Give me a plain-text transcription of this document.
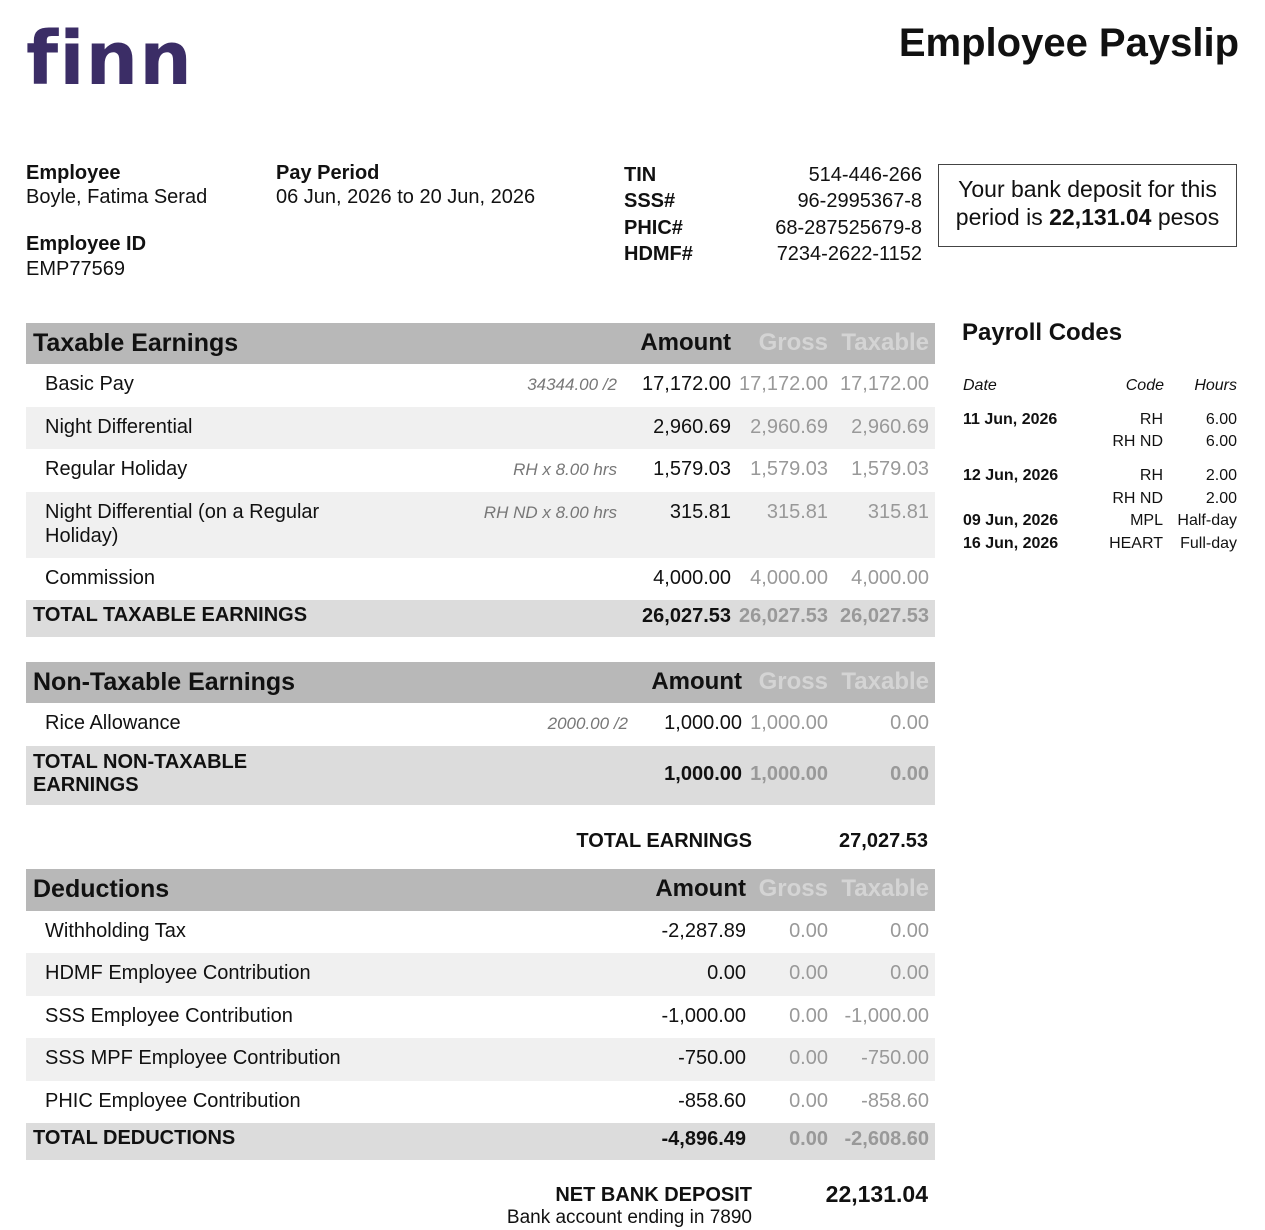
finn	Employee Payslip
Employee
Boyle, Fatima Serad
Employee ID
EMP77569
Pay Period
06 Jun, 2026 to 20 Jun, 2026
TIN	514-446-266
SSS#	96-2995367-8
PHIC#	68-287525679-8
HDMF#	7234-2622-1152
Your bank deposit for this period is 22,131.04 pesos
Taxable Earnings	Amount Gross Taxable
Basic Pay	34344.00 /2 17,172.00 17,172.00 17,172.00
Night Differential	2,960.69 2,960.69 2,960.69
Regular Holiday	RH x 8.00 hrs 1,579.03 1,579.03 1,579.03
Night Differential (on a Regular Holiday)
RH ND x 8.00 hrs	315.81 315.81 315.81
Commission	4,000.00 4,000.00 4,000.00
TOTAL TAXABLE EARNINGS	26,027.53 26,027.53 26,027.53
Non-Taxable Earnings	Amount Gross Taxable
Rice Allowance	2000.00 /2 1,000.00 1,000.00	0.00
TOTAL NON-TAXABLE EARNINGS	1,000.00 1,000.00	0.00
TOTAL EARNINGS	27,027.53
Deductions	Amount Gross Taxable
Withholding Tax	-2,287.89 0.00	0.00
HDMF Employee Contribution	0.00 0.00	0.00
SSS Employee Contribution	-1,000.00 0.00 -1,000.00
SSS MPF Employee Contribution	-750.00 0.00 -750.00
PHIC Employee Contribution	-858.60 0.00 -858.60
TOTAL DEDUCTIONS	-4,896.49 0.00 -2,608.60
NET BANK DEPOSIT	22,131.04
Bank account ending in 7890
Payroll Codes
Date	Code Hours
11 Jun, 2026	RH	6.00
RH ND	6.00
12 Jun, 2026	RH	2.00
RH ND	2.00
09 Jun, 2026	MPL Half-day
16 Jun, 2026	HEART Full-day
